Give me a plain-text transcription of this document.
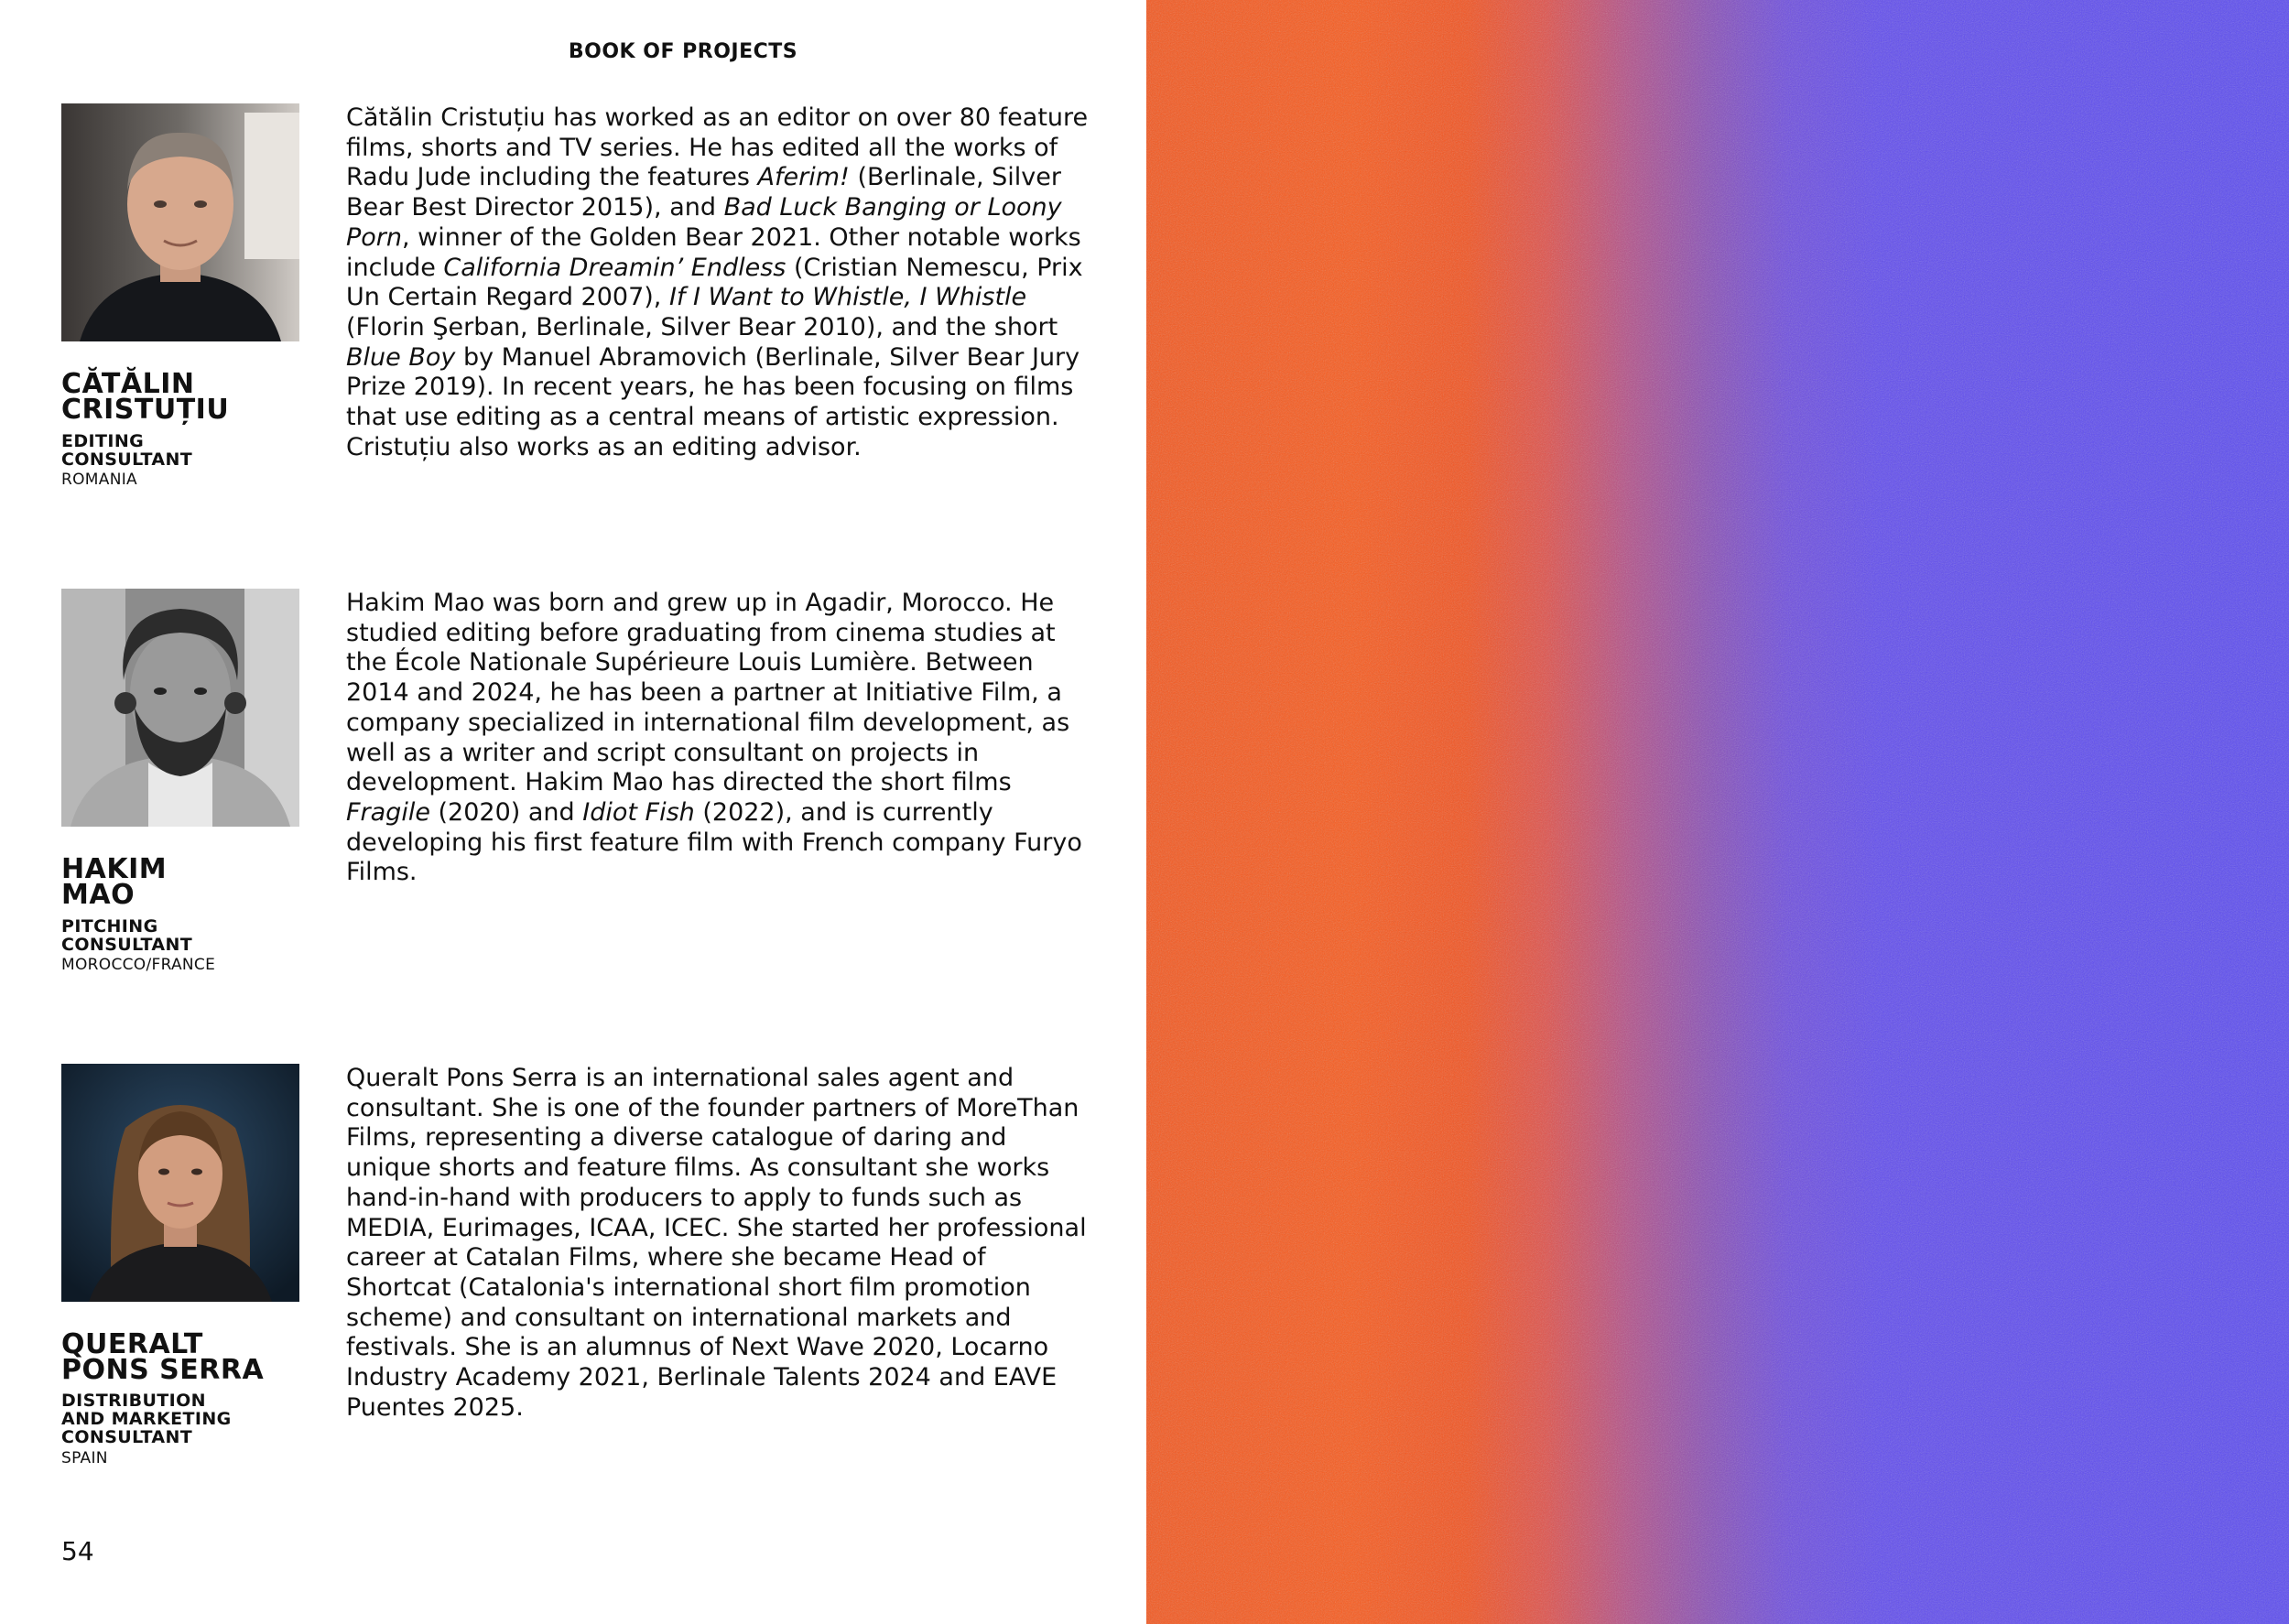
BOOK OF PROJECTS
CĂTĂLIN
CRISTUȚIU
EDITING
CONSULTANT
ROMANIA

Cătălin Cristuțiu has worked as an editor on over 80 feature films, shorts and TV series. He has edited all the works of Radu Jude including the features Aferim! (Berlinale, Silver Bear Best Director 2015), and Bad Luck Banging or Loony Porn, winner of the Golden Bear 2021. Other notable works include California Dreamin’ Endless (Cristian Nemescu, Prix Un Certain Regard 2007), If I Want to Whistle, I Whistle (Florin Şerban, Berlinale, Silver Bear 2010), and the short Blue Boy by Manuel Abramovich (Berlinale, Silver Bear Jury Prize 2019). In recent years, he has been focusing on films that use editing as a central means of artistic expression. Cristuțiu also works as an editing advisor.

HAKIM
MAO
PITCHING
CONSULTANT
MOROCCO/FRANCE

Hakim Mao was born and grew up in Agadir, Morocco. He studied editing before graduating from cinema studies at the École Nationale Supérieure Louis Lumière. Between 2014 and 2024, he has been a partner at Initiative Film, a company specialized in international film development, as well as a writer and script consultant on projects in development. Hakim Mao has directed the short films Fragile (2020) and Idiot Fish (2022), and is currently developing his first feature film with French company Furyo Films.

QUERALT
PONS SERRA
DISTRIBUTION
AND MARKETING
CONSULTANT
SPAIN

Queralt Pons Serra is an international sales agent and consultant. She is one of the founder partners of MoreThan Films, representing a diverse catalogue of daring and unique shorts and feature films. As consultant she works hand-in-hand with producers to apply to funds such as MEDIA, Eurimages, ICAA, ICEC. She started her professional career at Catalan Films, where she became Head of Shortcat (Catalonia's international short film promotion scheme) and consultant on international markets and festivals. She is an alumnus of Next Wave 2020, Locarno Industry Academy 2021, Berlinale Talents 2024 and EAVE Puentes 2025.

54
